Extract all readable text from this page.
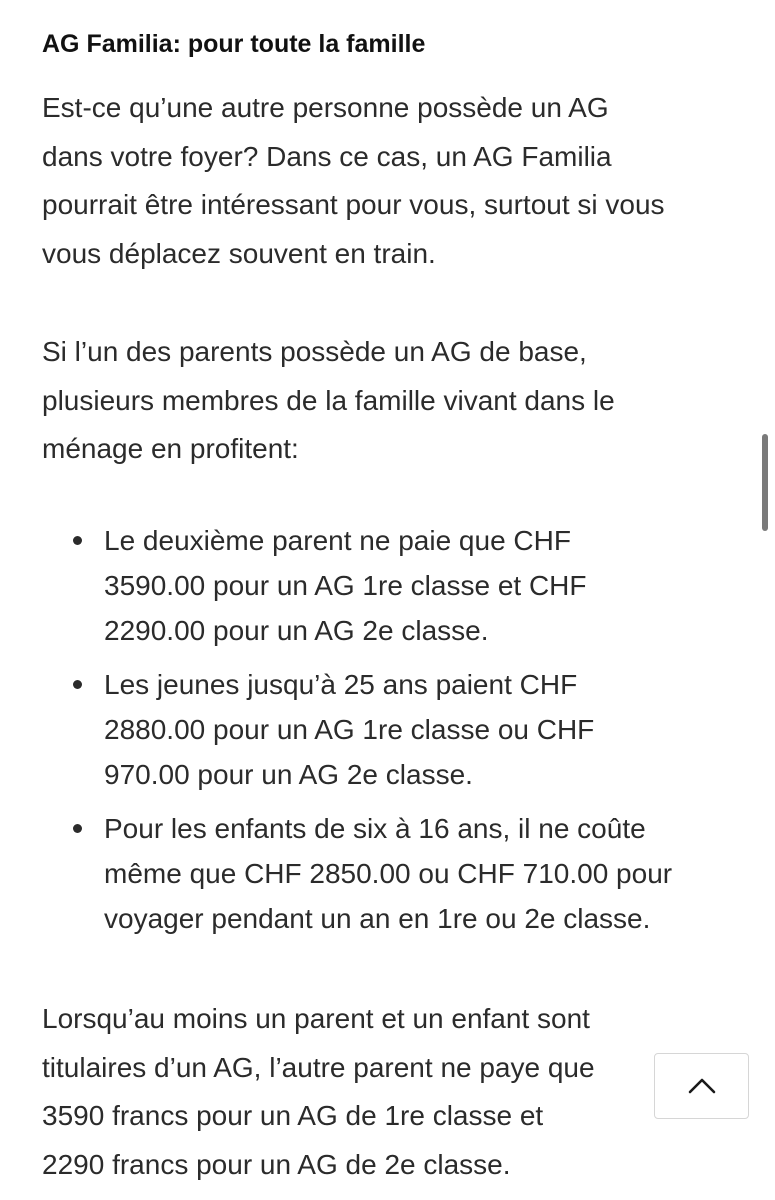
AG Familia: pour toute la famille

Est-ce qu’une autre personne possède un AG
dans votre foyer? Dans ce cas, un AG Familia
pourrait être intéressant pour vous, surtout si vous
vous déplacez souvent en train.

Si l’un des parents possède un AG de base,
plusieurs membres de la famille vivant dans le
ménage en profitent:

Le deuxième parent ne paie que CHF
3590.00 pour un AG 1re classe et CHF
2290.00 pour un AG 2e classe.
Les jeunes jusqu’à 25 ans paient CHF
2880.00 pour un AG 1re classe ou CHF
970.00 pour un AG 2e classe.
Pour les enfants de six à 16 ans, il ne coûte
même que CHF 2850.00 ou CHF 710.00 pour
voyager pendant un an en 1re ou 2e classe.

Lorsqu’au moins un parent et un enfant sont
titulaires d’un AG, l’autre parent ne paye que
3590 francs pour un AG de 1re classe et
2290 francs pour un AG de 2e classe.
